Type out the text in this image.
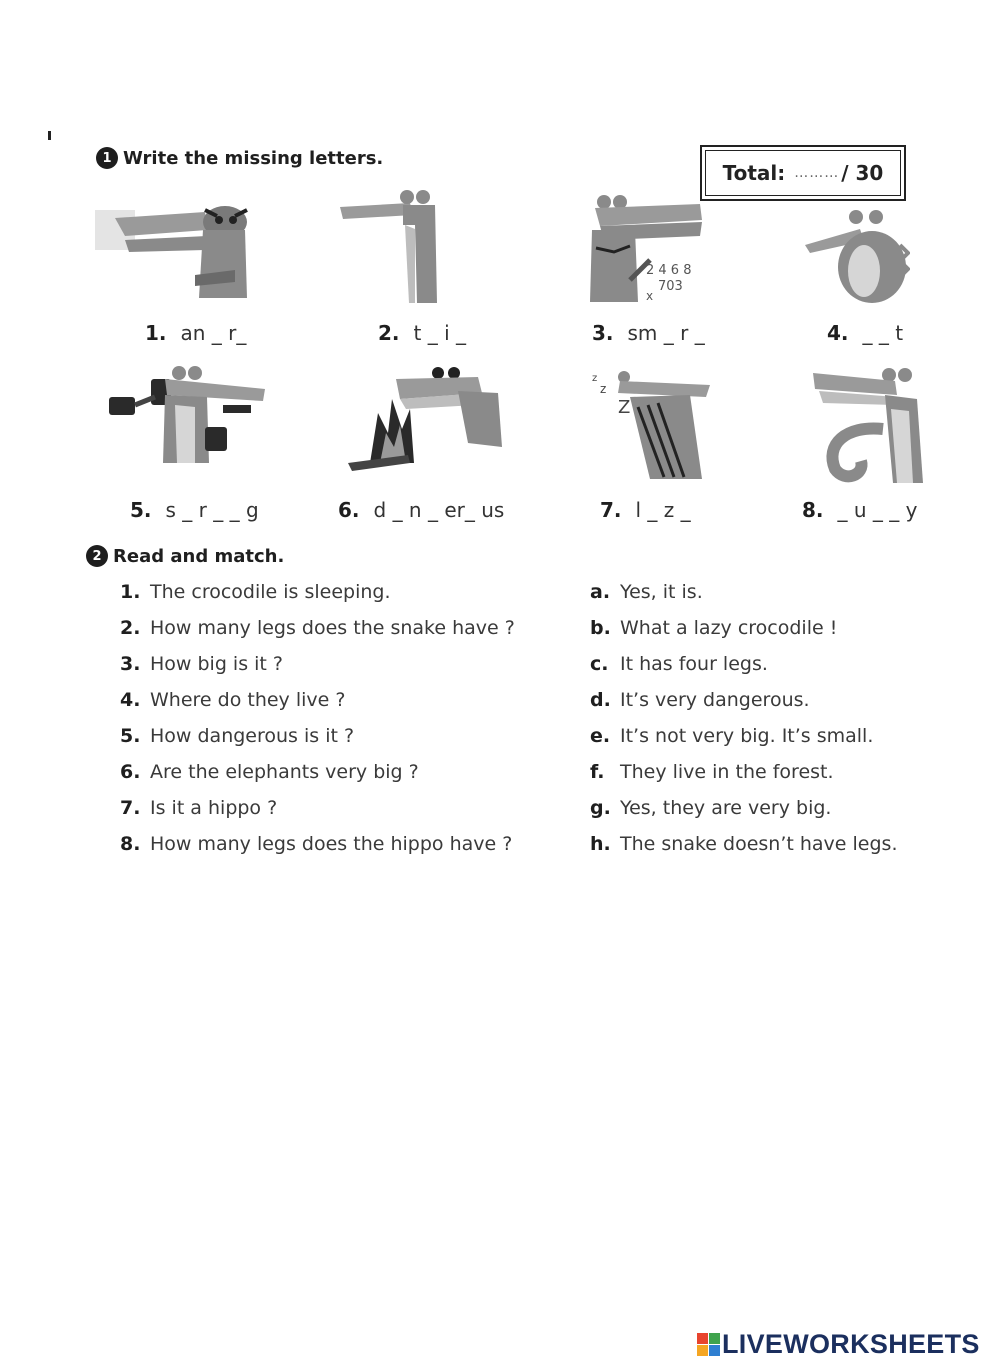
1 Write the missing letters.
Total:
……… / 30
2 4 6 8
703
x
z
z
Z
1. an _ r_	2. t _ i _	3. sm _ r _	4. _ _ t
5. s _ r _ _ g	6. d _ n _ er_ us	7. l _ z _	8. _ u _ _ y
2 Read and match.
1. The crocodile is sleeping.
2. How many legs does the snake have ?
3. How big is it ?
4. Where do they live ?
5. How dangerous is it ?
6. Are the elephants very big ?
7. Is it a hippo ?
8. How many legs does the hippo have ?
a. Yes, it is.
b. What a lazy crocodile !
c. It has four legs.
d. It’s very dangerous.
e. It’s not very big. It’s small.
f. They live in the forest.
g. Yes, they are very big.
h. The snake doesn’t have legs.
LIVEWORKSHEETS
